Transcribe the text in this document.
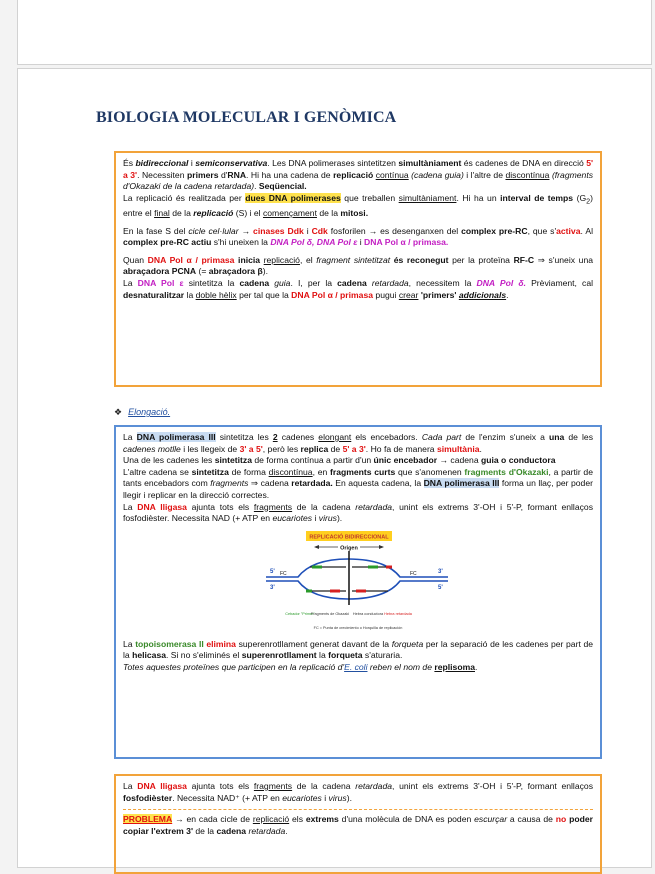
BIOLOGIA MOLECULAR I GENÒMICA

És bidireccional i semiconservativa. Les DNA polimerases sintetitzen simultàniament és cadenes de DNA en direcció 5' a 3'. Necessiten primers d'RNA. Hi ha una cadena de replicació contínua (cadena guia) i l'altre de discontínua (fragments d'Okazaki de la cadena retardada). Seqüencial.

La replicació és realitzada per dues DNA polimerases que treballen simultàniament. Hi ha un interval de temps $(G_2)$ entre el final de la replicació (S) i el començament de la mitosi.

En la fase S del cicle cel·lular → cinases Ddk i Cdk fosforilen → es desenganxen del complex pre-RC, que s'activa. Al complex pre-RC actiu s'hi uneixen la DNA Pol δ, DNA Pol ε i DNA Pol α / primasa.

Quan DNA Pol α / primasa inicia replicació, el fragment sintetitzat és reconegut per la proteïna RF-C ⇒ s'uneix una abraçadora PCNA (= abraçadora β).

La DNA Pol ε sintetitza la cadena guia. I, per la cadena retardada, necessitem la DNA Pol δ. Prèviament, cal desnaturalitzar la doble hèlix per tal que la DNA Pol α / primasa pugui crear 'primers' addicionals.

❖ Elongació.

La DNA polimerasa III sintetitza les 2 cadenes elongant els encebadors. Cada part de l'enzim s'uneix a una de les cadenes motlle i les llegeix de 3' a 5', però les replica de 5' a 3'. Ho fa de manera simultània.

Una de les cadenes les sintetitza de forma contínua a partir d'un únic encebador → cadena guia o conductora

L'altre cadena se sintetitza de forma discontínua, en fragments curts que s'anomenen fragments d'Okazaki, a partir de tants encebadors com fragments ⇒ cadena retardada. En aquesta cadena, la DNA polimerasa III forma un llaç, per poder llegir i replicar en la direcció correctes.

La DNA lligasa ajunta tots els fragments de la cadena retardada, unint els extrems 3'-OH i 5'-P, formant enllaços fosfodièster. Necessita NAD (+ ATP en eucariotes i virus).

REPLICACIÓ BIDIRECCIONAL
Origen
5'
3'
3'
5'
FC	FC
Cebador "Primer"
Fragments de Okazaki Hebra conductora Hebra retardada
FC = Punta de crecimiento o Horquilla de replicación

La topoisomerasa II elimina superenrotllament generat davant de la forqueta per la separació de les cadenes per part de la helicasa. Si no s'eliminés el superenrotllament la forqueta s'aturaria.

Totes aquestes proteïnes que participen en la replicació d'E. coli reben el nom de replisoma.

La DNA lligasa ajunta tots els fragments de la cadena retardada, unint els extrems 3'-OH i 5'-P, formant enllaços fosfodièster. Necessita NAD⁺ (+ ATP en eucariotes i virus).

PROBLEMA → en cada cicle de replicació els extrems d'una molècula de DNA es poden escurçar a causa de no poder copiar l'extrem 3' de la cadena retardada.
